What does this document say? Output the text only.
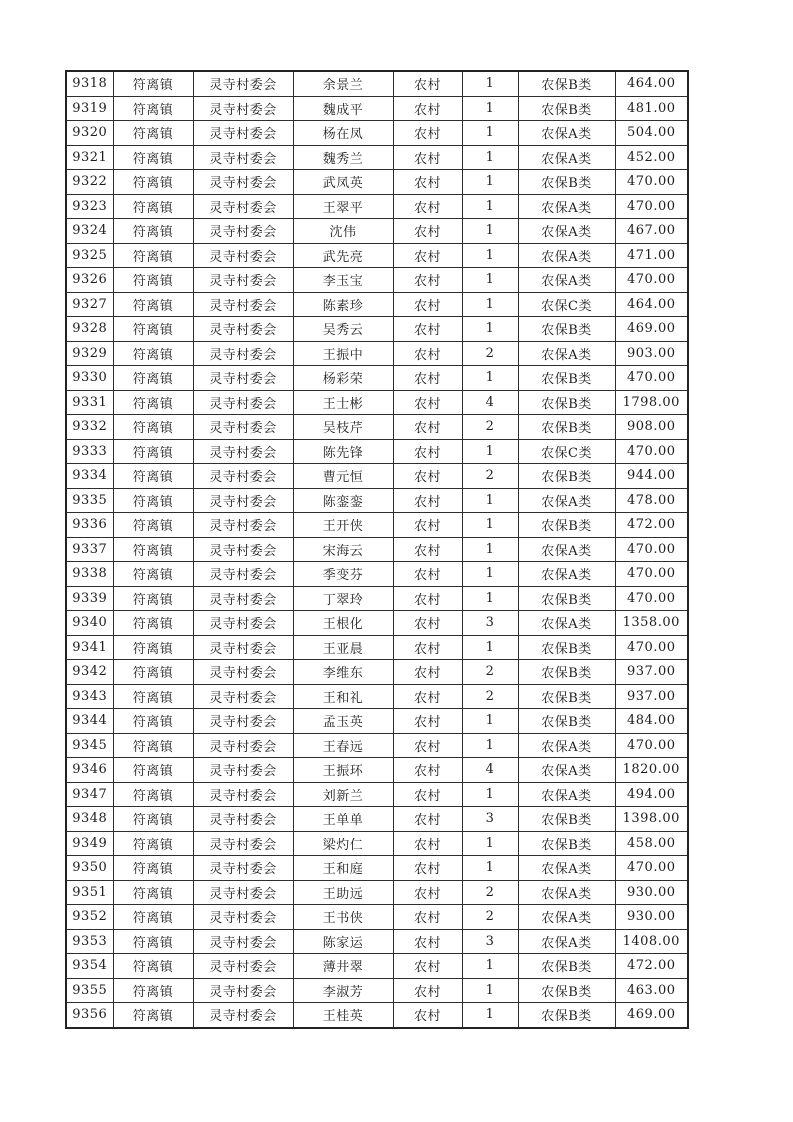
9318	符离镇	灵寺村委会	余景兰	农村	1	农保B类	464.00
9319	符离镇	灵寺村委会	魏成平	农村	1	农保B类	481.00
9320	符离镇	灵寺村委会	杨在凤	农村	1	农保A类	504.00
9321	符离镇	灵寺村委会	魏秀兰	农村	1	农保A类	452.00
9322	符离镇	灵寺村委会	武凤英	农村	1	农保B类	470.00
9323	符离镇	灵寺村委会	王翠平	农村	1	农保A类	470.00
9324	符离镇	灵寺村委会	沈伟	农村	1	农保A类	467.00
9325	符离镇	灵寺村委会	武先亮	农村	1	农保A类	471.00
9326	符离镇	灵寺村委会	李玉宝	农村	1	农保A类	470.00
9327	符离镇	灵寺村委会	陈素珍	农村	1	农保C类	464.00
9328	符离镇	灵寺村委会	吴秀云	农村	1	农保B类	469.00
9329	符离镇	灵寺村委会	王振中	农村	2	农保A类	903.00
9330	符离镇	灵寺村委会	杨彩荣	农村	1	农保B类	470.00
9331	符离镇	灵寺村委会	王士彬	农村	4	农保B类	1798.00
9332	符离镇	灵寺村委会	吴枝芹	农村	2	农保B类	908.00
9333	符离镇	灵寺村委会	陈先锋	农村	1	农保C类	470.00
9334	符离镇	灵寺村委会	曹元恒	农村	2	农保B类	944.00
9335	符离镇	灵寺村委会	陈銮銮	农村	1	农保A类	478.00
9336	符离镇	灵寺村委会	王开侠	农村	1	农保B类	472.00
9337	符离镇	灵寺村委会	宋海云	农村	1	农保A类	470.00
9338	符离镇	灵寺村委会	季变芬	农村	1	农保A类	470.00
9339	符离镇	灵寺村委会	丁翠玲	农村	1	农保B类	470.00
9340	符离镇	灵寺村委会	王根化	农村	3	农保A类	1358.00
9341	符离镇	灵寺村委会	王亚晨	农村	1	农保B类	470.00
9342	符离镇	灵寺村委会	李维东	农村	2	农保B类	937.00
9343	符离镇	灵寺村委会	王和礼	农村	2	农保B类	937.00
9344	符离镇	灵寺村委会	孟玉英	农村	1	农保B类	484.00
9345	符离镇	灵寺村委会	王春远	农村	1	农保A类	470.00
9346	符离镇	灵寺村委会	王振环	农村	4	农保A类	1820.00
9347	符离镇	灵寺村委会	刘新兰	农村	1	农保A类	494.00
9348	符离镇	灵寺村委会	王单单	农村	3	农保B类	1398.00
9349	符离镇	灵寺村委会	梁灼仁	农村	1	农保B类	458.00
9350	符离镇	灵寺村委会	王和庭	农村	1	农保A类	470.00
9351	符离镇	灵寺村委会	王助远	农村	2	农保A类	930.00
9352	符离镇	灵寺村委会	王书侠	农村	2	农保A类	930.00
9353	符离镇	灵寺村委会	陈家运	农村	3	农保A类	1408.00
9354	符离镇	灵寺村委会	薄井翠	农村	1	农保B类	472.00
9355	符离镇	灵寺村委会	李淑芳	农村	1	农保B类	463.00
9356	符离镇	灵寺村委会	王桂英	农村	1	农保B类	469.00
